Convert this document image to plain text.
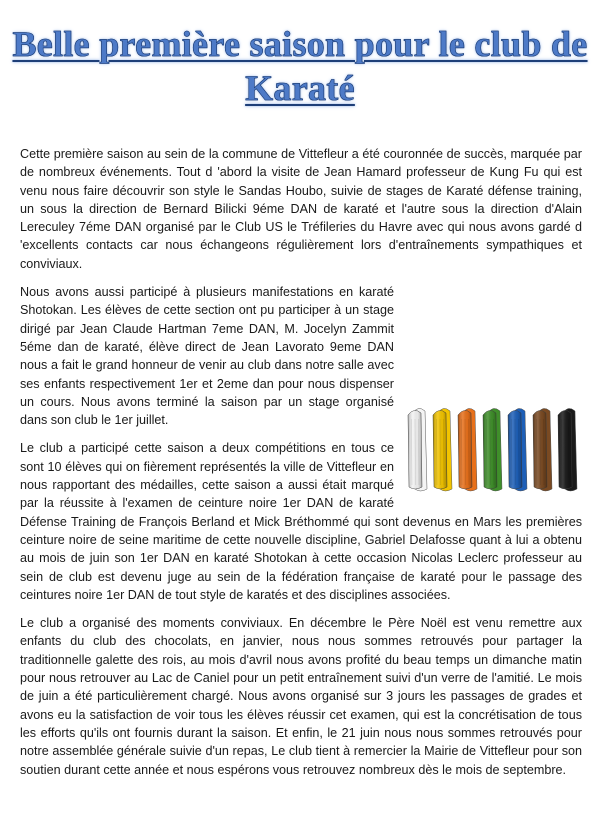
Belle première saison pour le club de
Karaté

Cette première saison au sein de la commune de Vittefleur a été couronnée de succès, marquée par de nombreux événements. Tout d 'abord la visite de Jean Hamard professeur de Kung Fu qui est venu nous faire découvrir son style le Sandas Houbo, suivie de stages de Karaté défense training, un sous la direction de Bernard Bilicki 9éme DAN de karaté et l'autre sous la direction d'Alain Lereculey 7éme DAN organisé par le Club US le Tréfileries du Havre avec qui nous avons gardé d 'excellents contacts car nous échangeons régulièrement lors d'entraînements sympathiques et conviviaux.

Nous avons aussi participé à plusieurs manifestations en karaté Shotokan. Les élèves de cette section ont pu participer à un stage dirigé par Jean Claude Hartman 7eme DAN, M. Jocelyn Zammit 5éme dan de karaté, élève direct de Jean Lavorato 9eme DAN nous a fait le grand honneur de venir au club dans notre salle avec ses enfants respectivement 1er et 2eme dan pour nous dispenser un cours. Nous avons terminé la saison par un stage organisé dans son club le 1er juillet.

Le club a participé cette saison a deux compétitions en tous ce sont 10 élèves qui on fièrement représentés la ville de Vittefleur en nous rapportant des médailles, cette saison a aussi était marqué par la réussite à l'examen de ceinture noire 1er DAN de karaté Défense Training de François Berland et Mick Bréthommé qui sont devenus en Mars les premières ceinture noire de seine maritime de cette nouvelle discipline, Gabriel Delafosse quant à lui a obtenu au mois de juin son 1er DAN en karaté Shotokan à cette occasion Nicolas Leclerc professeur au sein de club est devenu juge au sein de la fédération française de karaté pour le passage des ceintures noire 1er DAN de tout style de karatés et des disciplines associées.

Le club a organisé des moments conviviaux. En décembre le Père Noël est venu remettre aux enfants du club des chocolats, en janvier, nous nous sommes retrouvés pour partager la traditionnelle galette des rois, au mois d'avril nous avons profité du beau temps un dimanche matin pour nous retrouver au Lac de Caniel pour un petit entraînement suivi d'un verre de l'amitié. Le mois de juin a été particulièrement chargé. Nous avons organisé sur 3 jours les passages de grades et avons eu la satisfaction de voir tous les élèves réussir cet examen, qui est la concrétisation de tous les efforts qu'ils ont fournis durant la saison. Et enfin, le 21 juin nous nous sommes retrouvés pour notre assemblée générale suivie d'un repas, Le club tient à remercier la Mairie de Vittefleur pour son soutien durant cette année et nous espérons vous retrouvez nombreux dès le mois de septembre.
